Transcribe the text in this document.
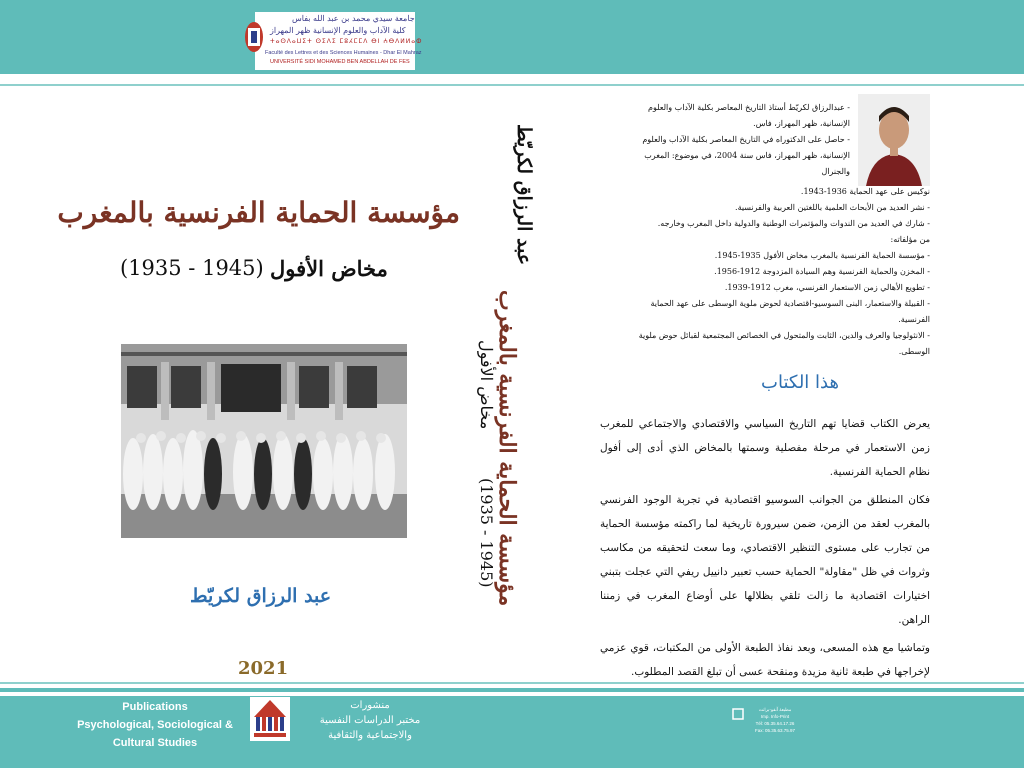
جامعة سيدي محمد بن عبد الله بفاس
كلية الآداب والعلوم الإنسانية ظهر المهراز
ⵜⴰⵙⴷⴰⵡⵉⵜ ⵙⵉⴷⵉ ⵎⵓⵃⵎⵎⴷ ⴱⵏ ⵄⴱⴷⵍⵍⴰⵀ
Faculté des Lettres et des Sciences Humaines - Dhar El Mahraz
UNIVERSITÉ SIDI MOHAMED BEN ABDELLAH DE FES
مؤسسة الحماية الفرنسية بالمغرب
مخاض الأفول
(1935 - 1945)
عبد الرزاق لكريّط
2021
عبد الرزاق لكريّط
مؤسسة الحماية الفرنسية بالمغرب
مخاض الأفول
(1935 - 1945)

- عبدالرزاق لكريّط أستاذ التاريخ المعاصر بكلية الآداب والعلوم

الإنسانية، ظهر المهراز، فاس.

- حاصل على الدكتوراه في التاريخ المعاصر بكلية الآداب والعلوم

الإنسانية، ظهر المهراز، فاس سنة 2004، في موضوع: المغرب والجنرال

نوكيس على عهد الحماية 1936-1943.

- نشر العديد من الأبحاث العلمية باللغتين العربية والفرنسية.

- شارك في العديد من الندوات والمؤتمرات الوطنية والدولية داخل المغرب وخارجه.

من مؤلفاته:

- مؤسسة الحماية الفرنسية بالمغرب مخاض الأفول 1935-1945.

- المخزن والحماية الفرنسية وهم السيادة المزدوجة 1912-1956.

- تطويع الأهالي زمن الاستعمار الفرنسي، مغرب 1912-1939.

- القبيلة والاستعمار، البنى السوسيو-اقتصادية لحوض ملوية الوسطى على عهد الحماية الفرنسية.

- الانثولوجيا والعرف والدين، الثابت والمتحول في الخصائص المجتمعية لقبائل حوض ملوية الوسطى.

هذا الكتاب

يعرض الكتاب قضايا تهم التاريخ السياسي والاقتصادي والاجتماعي للمغرب زمن الاستعمار في مرحلة مفصلية وسمتها بالمخاض الذي أدى إلى أفول نظام الحماية الفرنسية.

فكان المنطلق من الجوانب السوسيو اقتصادية في تجربة الوجود الفرنسي بالمغرب لعقد من الزمن، ضمن سيرورة تاريخية لما راكمته مؤسسة الحماية من تجارب على مستوى التنظير الاقتصادي، وما سعت لتحقيقه من مكاسب وثروات في ظل "مقاولة" الحماية حسب تعبير دانييل ريفي التي عجلت بتبني اختيارات اقتصادية ما زالت تلقي بظلالها على أوضاع المغرب في زمننا الراهن.

وتماشيا مع هذه المسعى، وبعد نفاذ الطبعة الأولى من المكتبات، قوي عزمي لإخراجها في طبعة ثانية مزيدة ومنقحة عسى أن تبلغ القصد المطلوب.

Publications
Psychological, Sociological &
Cultural Studies
منشورات
مختبر الدراسات النفسية
والاجتماعية والثقافية
مطبعة آنفو-برانت
Imp. Info-Print
Tél: 05.35.64.17.26
Fax: 05.35.63.75.97
